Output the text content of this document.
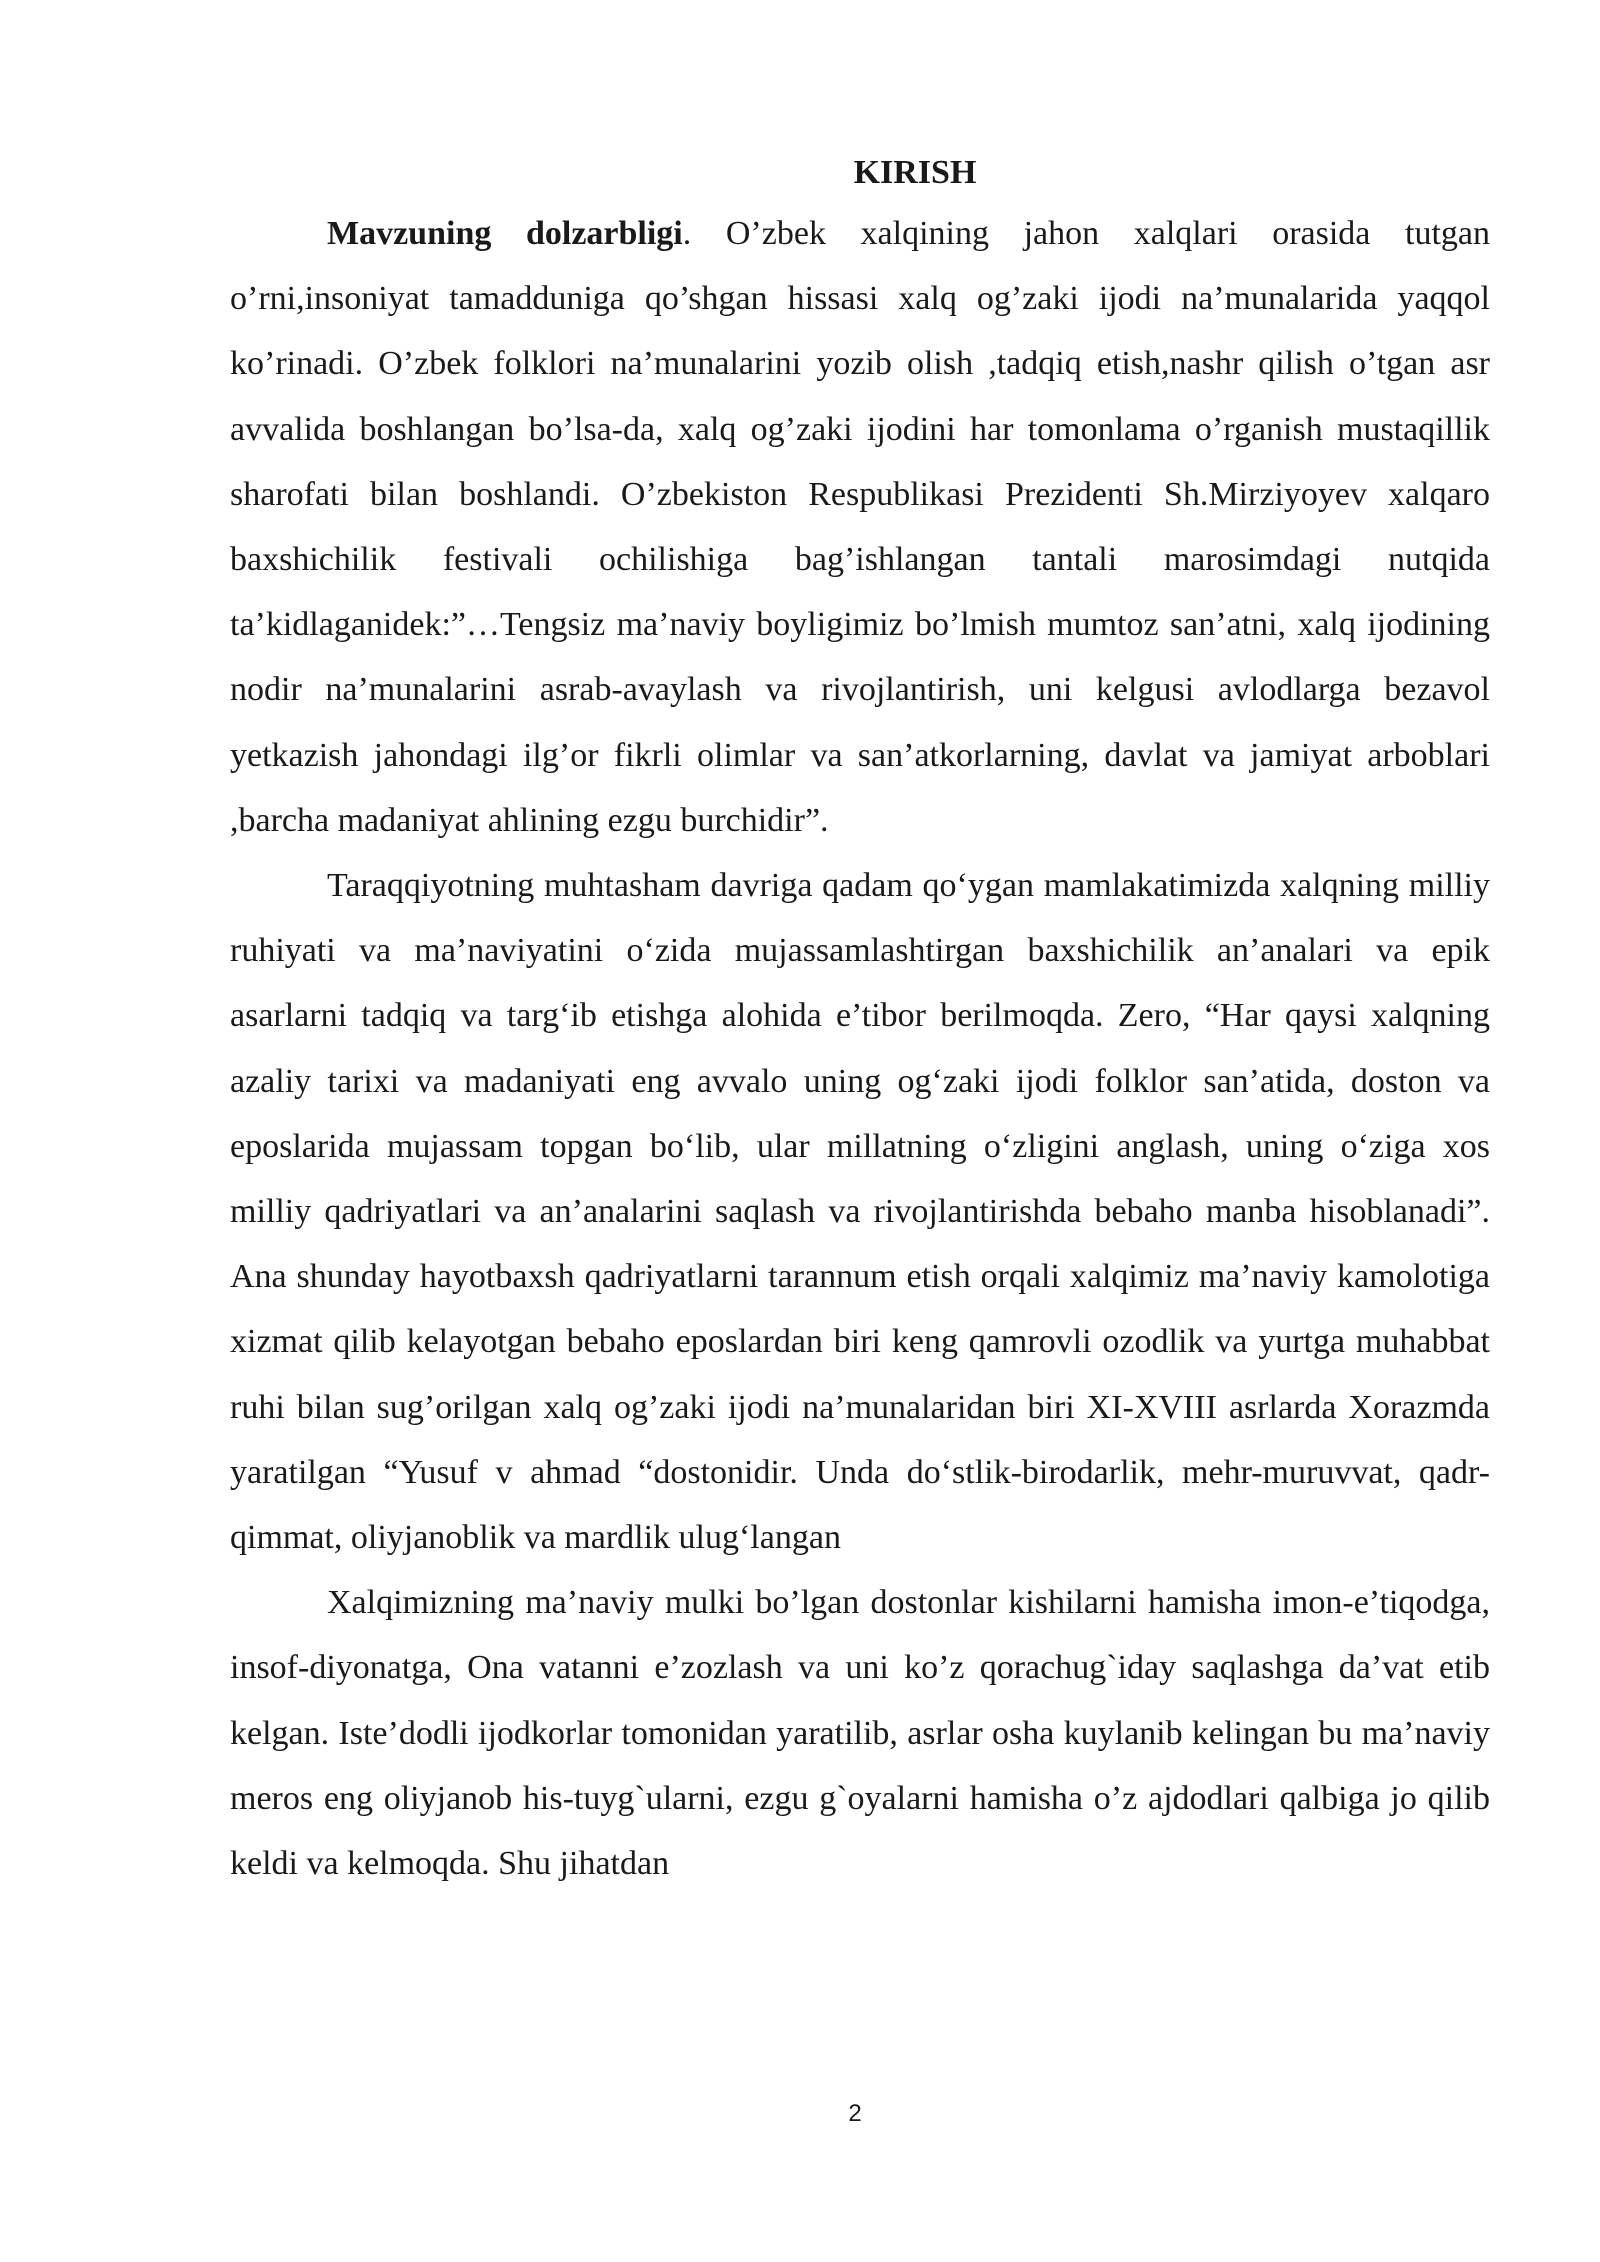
KIRISH

Mavzuning dolzarbligi. O’zbek xalqining jahon xalqlari orasida tutgan o’rni,insoniyat tamadduniga qo’shgan hissasi xalq og’zaki ijodi na’munalarida yaqqol ko’rinadi. O’zbek folklori na’munalarini yozib olish ,tadqiq etish,nashr qilish o’tgan asr avvalida boshlangan bo’lsa-da, xalq og’zaki ijodini har tomonlama o’rganish mustaqillik sharofati bilan boshlandi. O’zbekiston Respublikasi Prezidenti Sh.Mirziyoyev xalqaro baxshichilik festivali ochilishiga bag’ishlangan tantali marosimdagi nutqida ta’kidlaganidek:”…Tengsiz ma’naviy boyligimiz bo’lmish mumtoz san’atni, xalq ijodining nodir na’munalarini asrab-avaylash va rivojlantirish, uni kelgusi avlodlarga bezavol yetkazish jahondagi ilg’or fikrli olimlar va san’atkorlarning, davlat va jamiyat arboblari ,barcha madaniyat ahlining ezgu burchidir”.

Taraqqiyotning muhtasham davriga qadam qo‘ygan mamlakatimizda xalqning milliy ruhiyati va ma’naviyatini o‘zida mujassamlashtirgan baxshichilik an’analari va epik asarlarni tadqiq va targ‘ib etishga alohida e’tibor berilmoqda. Zero, “Har qaysi xalqning azaliy tarixi va madaniyati eng avvalo uning og‘zaki ijodi folklor san’atida, doston va eposlarida mujassam topgan bo‘lib, ular millatning o‘zligini anglash, uning o‘ziga xos milliy qadriyatlari va an’analarini saqlash va rivojlantirishda bebaho manba hisoblanadi”. Ana shunday hayotbaxsh qadriyatlarni tarannum etish orqali xalqimiz ma’naviy kamolotiga xizmat qilib kelayotgan bebaho eposlardan biri keng qamrovli ozodlik va yurtga muhabbat ruhi bilan sug’orilgan xalq og’zaki ijodi na’munalaridan biri XI-XVIII asrlarda Xorazmda yaratilgan “Yusuf v ahmad “dostonidir. Unda do‘stlik-birodarlik, mehr-muruvvat, qadr-qimmat, oliyjanoblik va mardlik ulug‘langan

Xalqimizning ma’naviy mulki bo’lgan dostonlar kishilarni hamisha imon-e’tiqodga, insof-diyonatga, Ona vatanni e’zozlash va uni ko’z qorachug`iday saqlashga da’vat etib kelgan. Iste’dodli ijodkorlar tomonidan yaratilib, asrlar osha kuylanib kelingan bu ma’naviy meros eng oliyjanob his-tuyg`ularni, ezgu g`oyalarni hamisha o’z ajdodlari qalbiga jo qilib keldi va kelmoqda. Shu jihatdan

2
